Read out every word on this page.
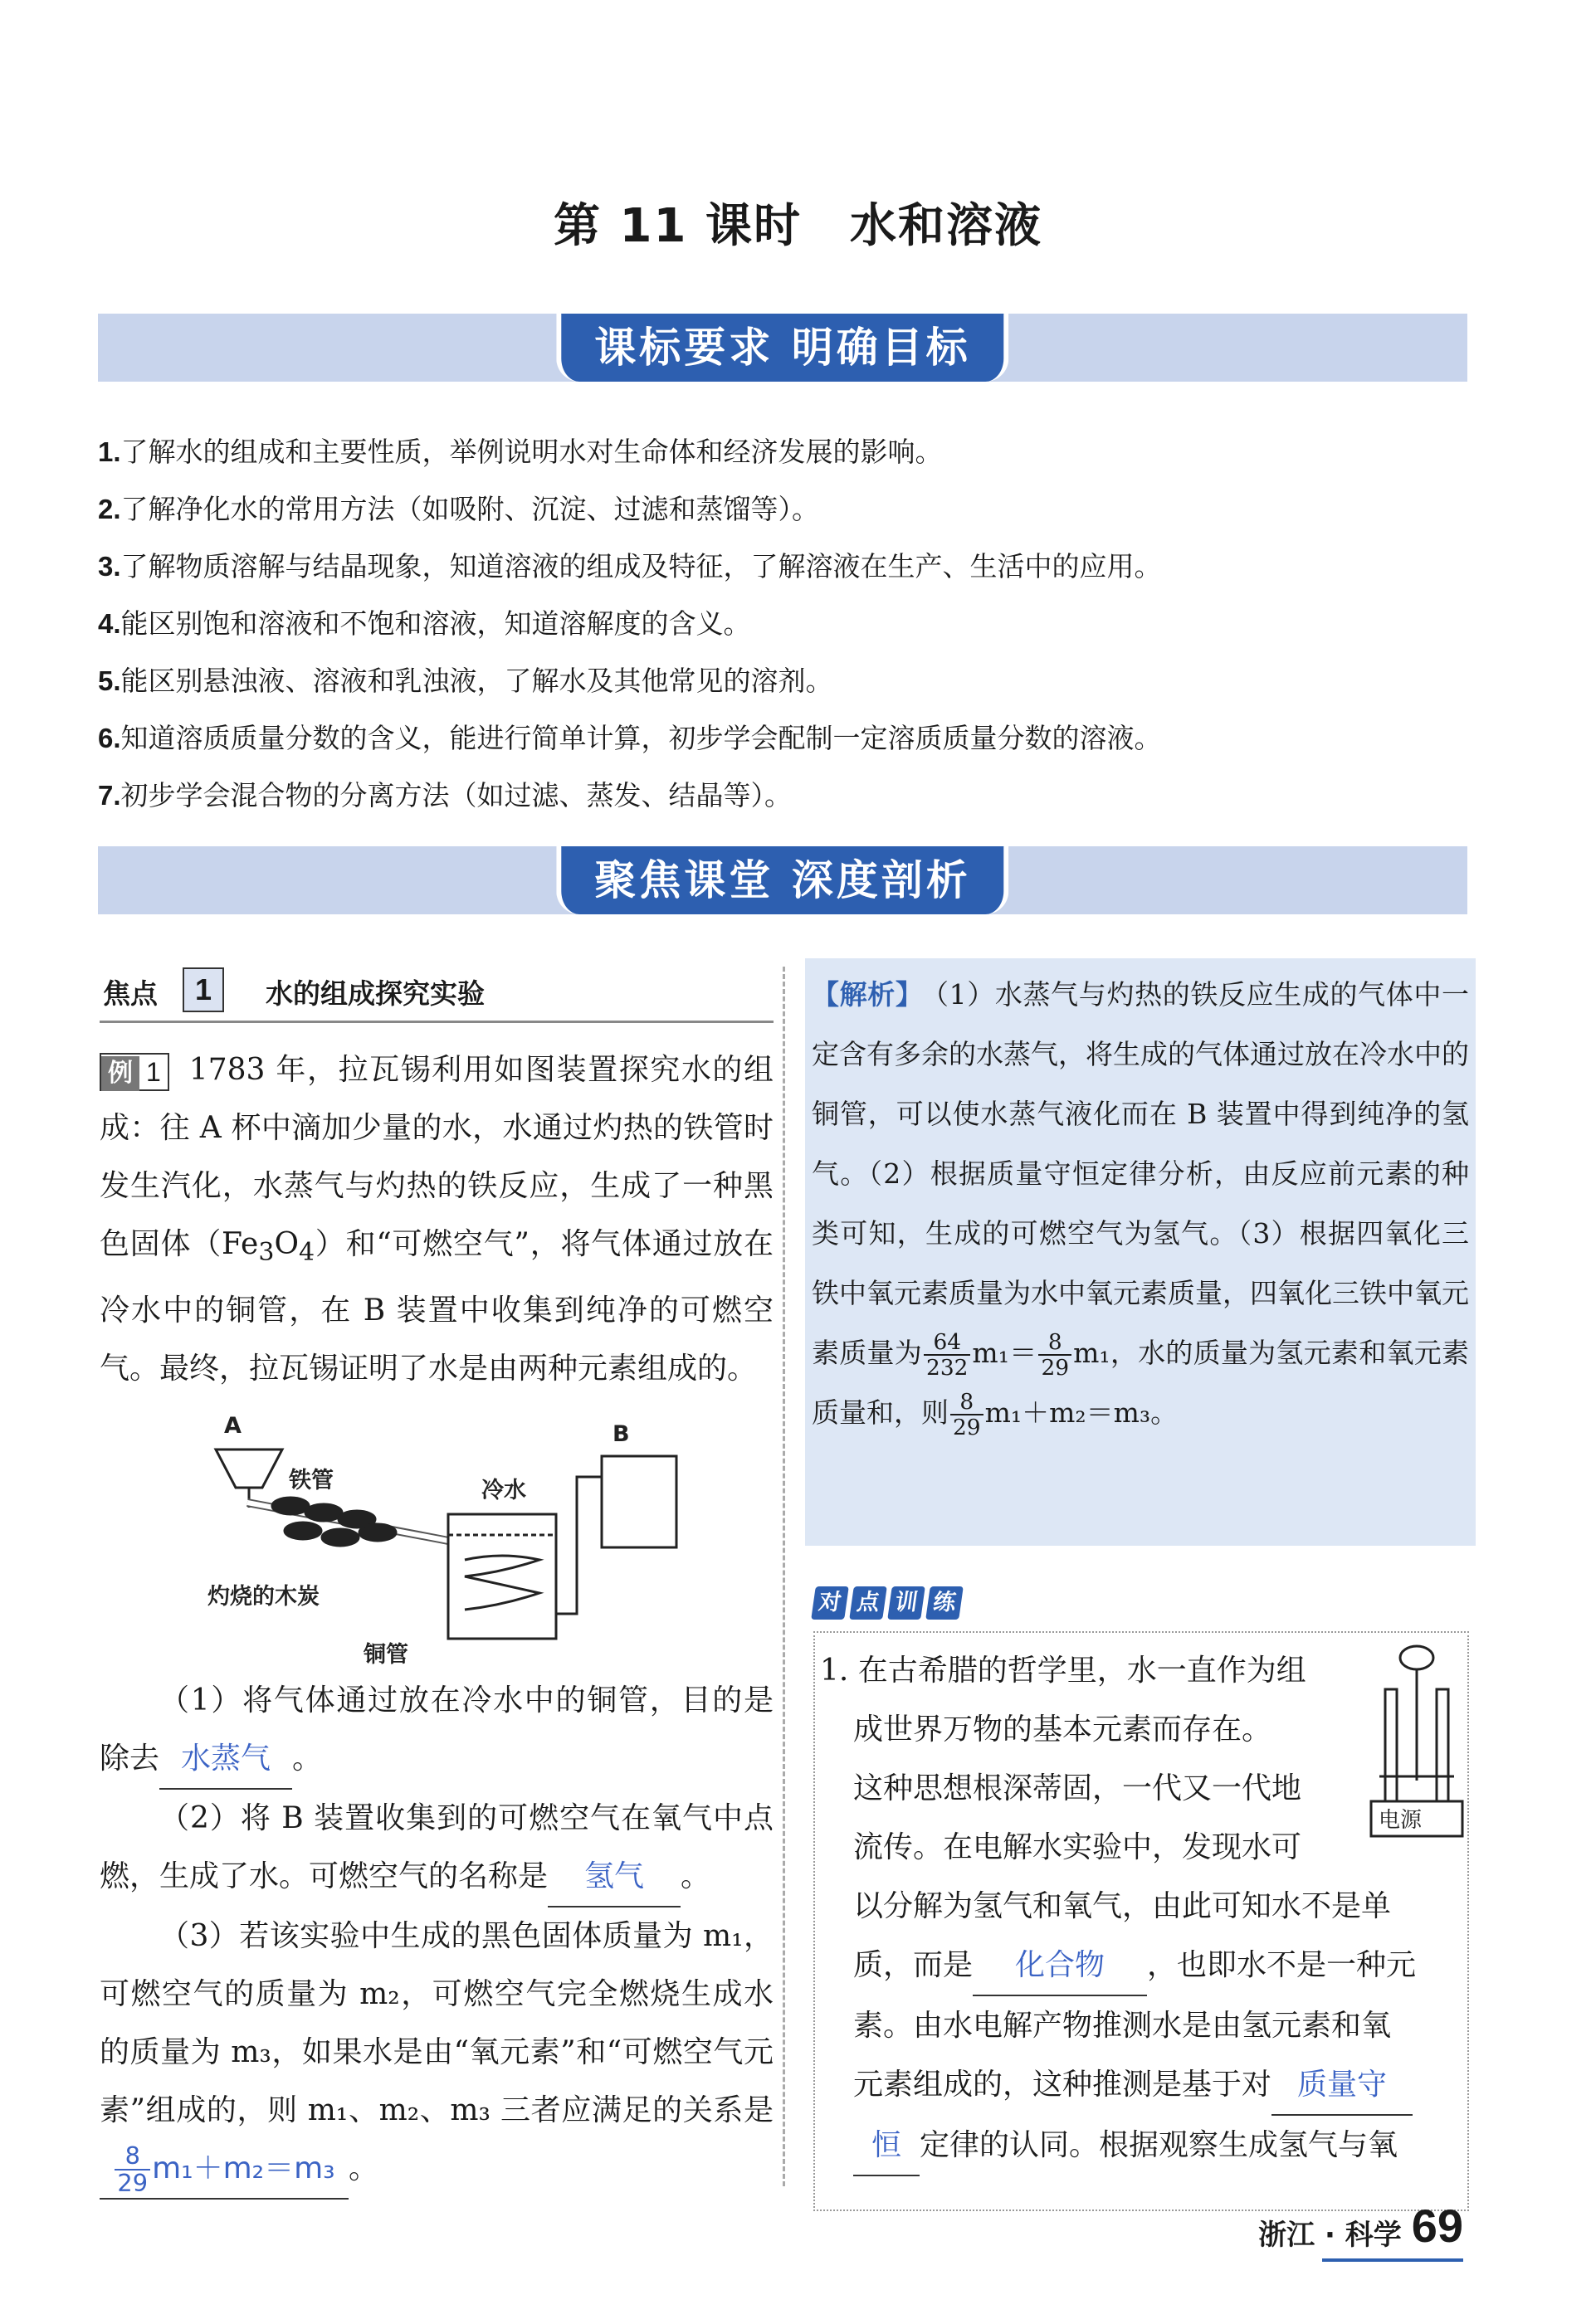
第 11 课时　水和溶液
课标要求 明确目标
1.了解水的组成和主要性质，举例说明水对生命体和经济发展的影响。
2.了解净化水的常用方法（如吸附、沉淀、过滤和蒸馏等）。
3.了解物质溶解与结晶现象，知道溶液的组成及特征，了解溶液在生产、生活中的应用。
4.能区别饱和溶液和不饱和溶液，知道溶解度的含义。
5.能区别悬浊液、溶液和乳浊液，了解水及其他常见的溶剂。
6.知道溶质质量分数的含义，能进行简单计算，初步学会配制一定溶质质量分数的溶液。
7.初步学会混合物的分离方法（如过滤、蒸发、结晶等）。
聚焦课堂 深度剖析
焦点	1	水的组成探究实验
例 1 1783 年，拉瓦锡利用如图装置探究水的组成：往 A 杯中滴加少量的水，水通过灼热的铁管时发生汽化，水蒸气与灼热的铁反应，生成了一种黑色固体$(Fe_3O_4)$和“可燃空气”，将气体通过放在冷水中的铜管，在 B 装置中收集到纯净的可燃空气。最终，拉瓦锡证明了水是由两种元素组成的。
A	B
铁管	冷水
灼烧的木炭
铜管
（1）将气体通过放在冷水中的铜管，目的是除去 水蒸气 。
（2）将 B 装置收集到的可燃空气在氧气中点燃，生成了水。可燃空气的名称是 氢气 。
（3）若该实验中生成的黑色固体质量为 m₁，可燃空气的质量为 m₂，可燃空气完全燃烧生成水的质量为 m₃，如果水是由“氧元素”和“可燃空气元素”组成的，则 m₁、m₂、m₃ 三者应满足的关系是
$\frac{8}{29} m_1+m_2=m_3$ 。

【解析】 （1）水蒸气与灼热的铁反应生成的气体中一定含有多余的水蒸气，将生成的气体通过放在冷水中的铜管，可以使水蒸气液化而在 B 装置中得到纯净的氢气。（2）根据质量守恒定律分析，由反应前元素的种类可知，生成的可燃空气为氢气。（3）根据四氧化三铁中氧元素质量为水中氧元素质量，四氧化三铁中氧元素质量为 $\frac{64}{232} m_1= \frac{8}{29} m_1$，水的质量为氢元素和氧元素质量和，则 $\frac{8}{29} m_1+m_2=m_3$。

对 点 训 练
1. 在古希腊的哲学里，水一直作为组
成世界万物的基本元素而存在。
这种思想根深蒂固，一代又一代地
流传。在电解水实验中，发现水可
以分解为氢气和氧气，由此可知水不是单
质，而是 化合物 ，也即水不是一种元
素。由水电解产物推测水是由氢元素和氧
元素组成的，这种推测是基于对 质量守
恒 定律的认同。根据观察生成氢气与氧
电源
浙江 · 科学 69
